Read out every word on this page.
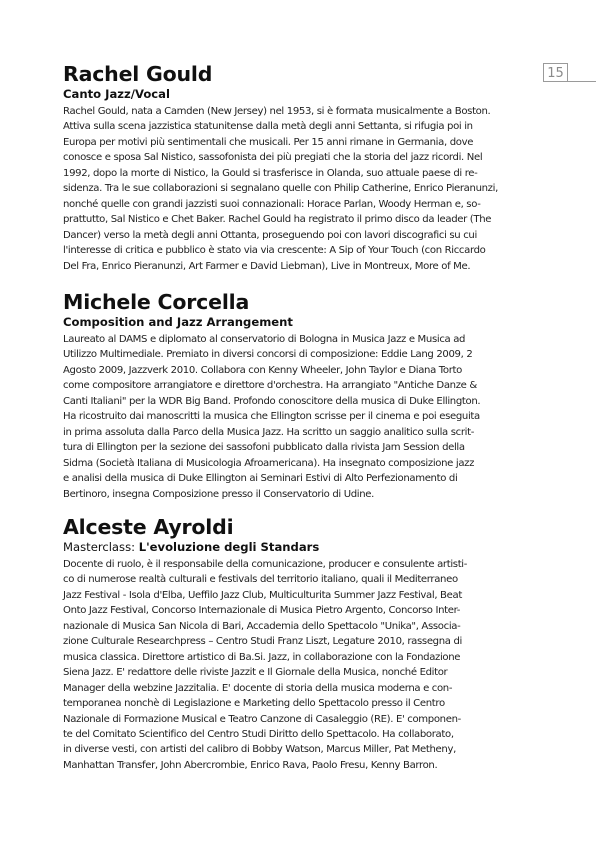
15
Rachel Gould
Canto Jazz/Vocal
Rachel Gould, nata a Camden (New Jersey) nel 1953, si è formata musicalmente a Boston.
Attiva sulla scena jazzistica statunitense dalla metà degli anni Settanta, si rifugia poi in
Europa per motivi più sentimentali che musicali. Per 15 anni rimane in Germania, dove
conosce e sposa Sal Nistico, sassofonista dei più pregiati che la storia del jazz ricordi. Nel
1992, dopo la morte di Nistico, la Gould si trasferisce in Olanda, suo attuale paese di re-
sidenza. Tra le sue collaborazioni si segnalano quelle con Philip Catherine, Enrico Pieranunzi,
nonché quelle con grandi jazzisti suoi connazionali: Horace Parlan, Woody Herman e, so-
prattutto, Sal Nistico e Chet Baker. Rachel Gould ha registrato il primo disco da leader (The
Dancer) verso la metà degli anni Ottanta, proseguendo poi con lavori discografici su cui
l'interesse di critica e pubblico è stato via via crescente: A Sip of Your Touch (con Riccardo
Del Fra, Enrico Pieranunzi, Art Farmer e David Liebman), Live in Montreux, More of Me.
Michele Corcella
Composition and Jazz Arrangement
Laureato al DAMS e diplomato al conservatorio di Bologna in Musica Jazz e Musica ad
Utilizzo Multimediale. Premiato in diversi concorsi di composizione: Eddie Lang 2009, 2
Agosto 2009, Jazzverk 2010. Collabora con Kenny Wheeler, John Taylor e Diana Torto
come compositore arrangiatore e direttore d'orchestra. Ha arrangiato "Antiche Danze &
Canti Italiani" per la WDR Big Band. Profondo conoscitore della musica di Duke Ellington.
Ha ricostruito dai manoscritti la musica che Ellington scrisse per il cinema e poi eseguita
in prima assoluta dalla Parco della Musica Jazz. Ha scritto un saggio analitico sulla scrit-
tura di Ellington per la sezione dei sassofoni pubblicato dalla rivista Jam Session della
Sidma (Società Italiana di Musicologia Afroamericana). Ha insegnato composizione jazz
e analisi della musica di Duke Ellington ai Seminari Estivi di Alto Perfezionamento di
Bertinoro, insegna Composizione presso il Conservatorio di Udine.
Alceste Ayroldi
Masterclass: L'evoluzione degli Standars
Docente di ruolo, è il responsabile della comunicazione, producer e consulente artisti-
co di numerose realtà culturali e festivals del territorio italiano, quali il Mediterraneo
Jazz Festival - Isola d'Elba, Ueffilo Jazz Club, Multiculturita Summer Jazz Festival, Beat
Onto Jazz Festival, Concorso Internazionale di Musica Pietro Argento, Concorso Inter-
nazionale di Musica San Nicola di Bari, Accademia dello Spettacolo "Unika", Associa-
zione Culturale Researchpress – Centro Studi Franz Liszt, Legature 2010, rassegna di
musica classica. Direttore artistico di Ba.Si. Jazz, in collaborazione con la Fondazione
Siena Jazz. E' redattore delle riviste Jazzit e Il Giornale della Musica, nonché Editor
Manager della webzine Jazzitalia. E' docente di storia della musica moderna e con-
temporanea nonchè di Legislazione e Marketing dello Spettacolo presso il Centro
Nazionale di Formazione Musical e Teatro Canzone di Casaleggio (RE). E' componen-
te del Comitato Scientifico del Centro Studi Diritto dello Spettacolo. Ha collaborato,
in diverse vesti, con artisti del calibro di Bobby Watson, Marcus Miller, Pat Metheny,
Manhattan Transfer, John Abercrombie, Enrico Rava, Paolo Fresu, Kenny Barron.
